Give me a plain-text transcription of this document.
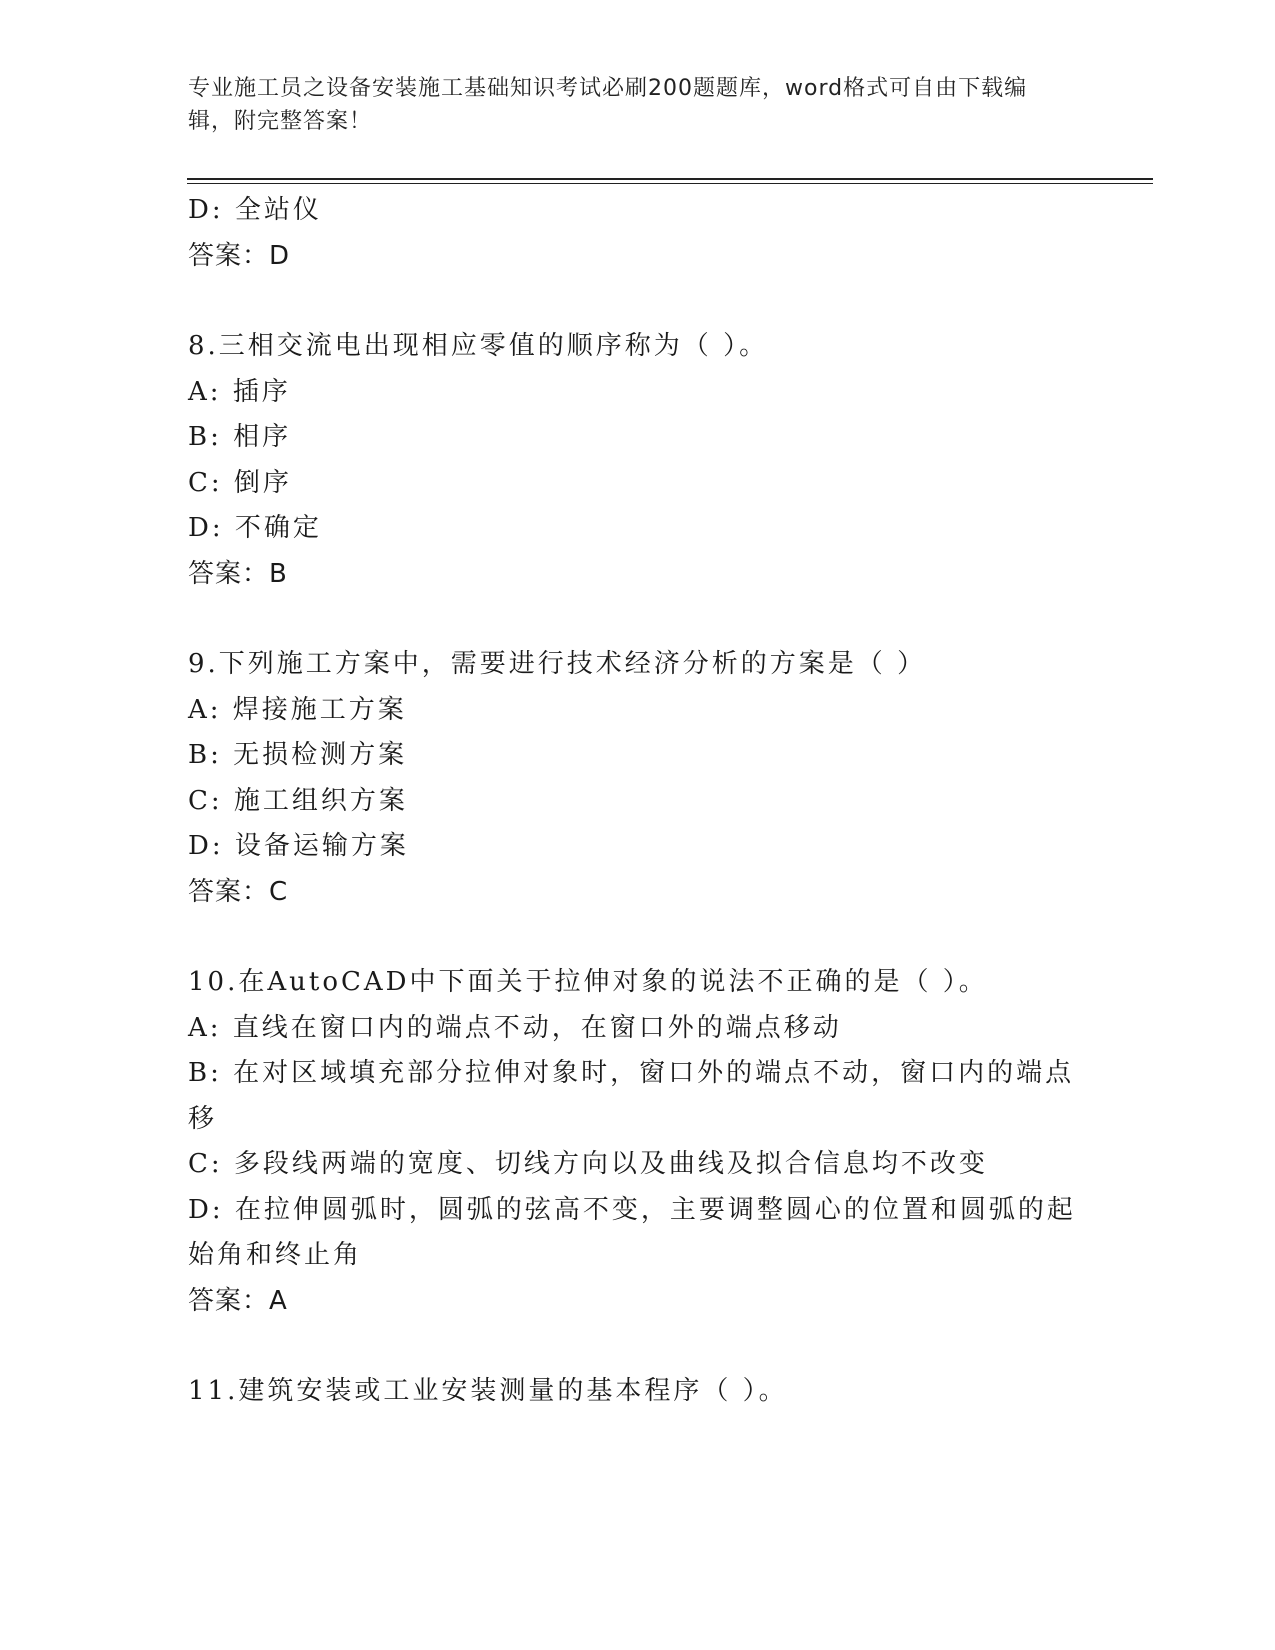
专业施工员之设备安装施工基础知识考试必刷200题题库，word格式可自由下载编辑，附完整答案！
D: 全站仪
答案：D
8.三相交流电出现相应零值的顺序称为（ ）。
A: 插序
B: 相序
C: 倒序
D: 不确定
答案：B
9.下列施工方案中，需要进行技术经济分析的方案是（ ）
A: 焊接施工方案
B: 无损检测方案
C: 施工组织方案
D: 设备运输方案
答案：C
10.在AutoCAD中下面关于拉伸对象的说法不正确的是（ ）。
A: 直线在窗口内的端点不动，在窗口外的端点移动
B: 在对区域填充部分拉伸对象时，窗口外的端点不动，窗口内的端点移
C: 多段线两端的宽度、切线方向以及曲线及拟合信息均不改变
D: 在拉伸圆弧时，圆弧的弦高不变，主要调整圆心的位置和圆弧的起始角和终止角
答案：A
11.建筑安装或工业安装测量的基本程序（ ）。
